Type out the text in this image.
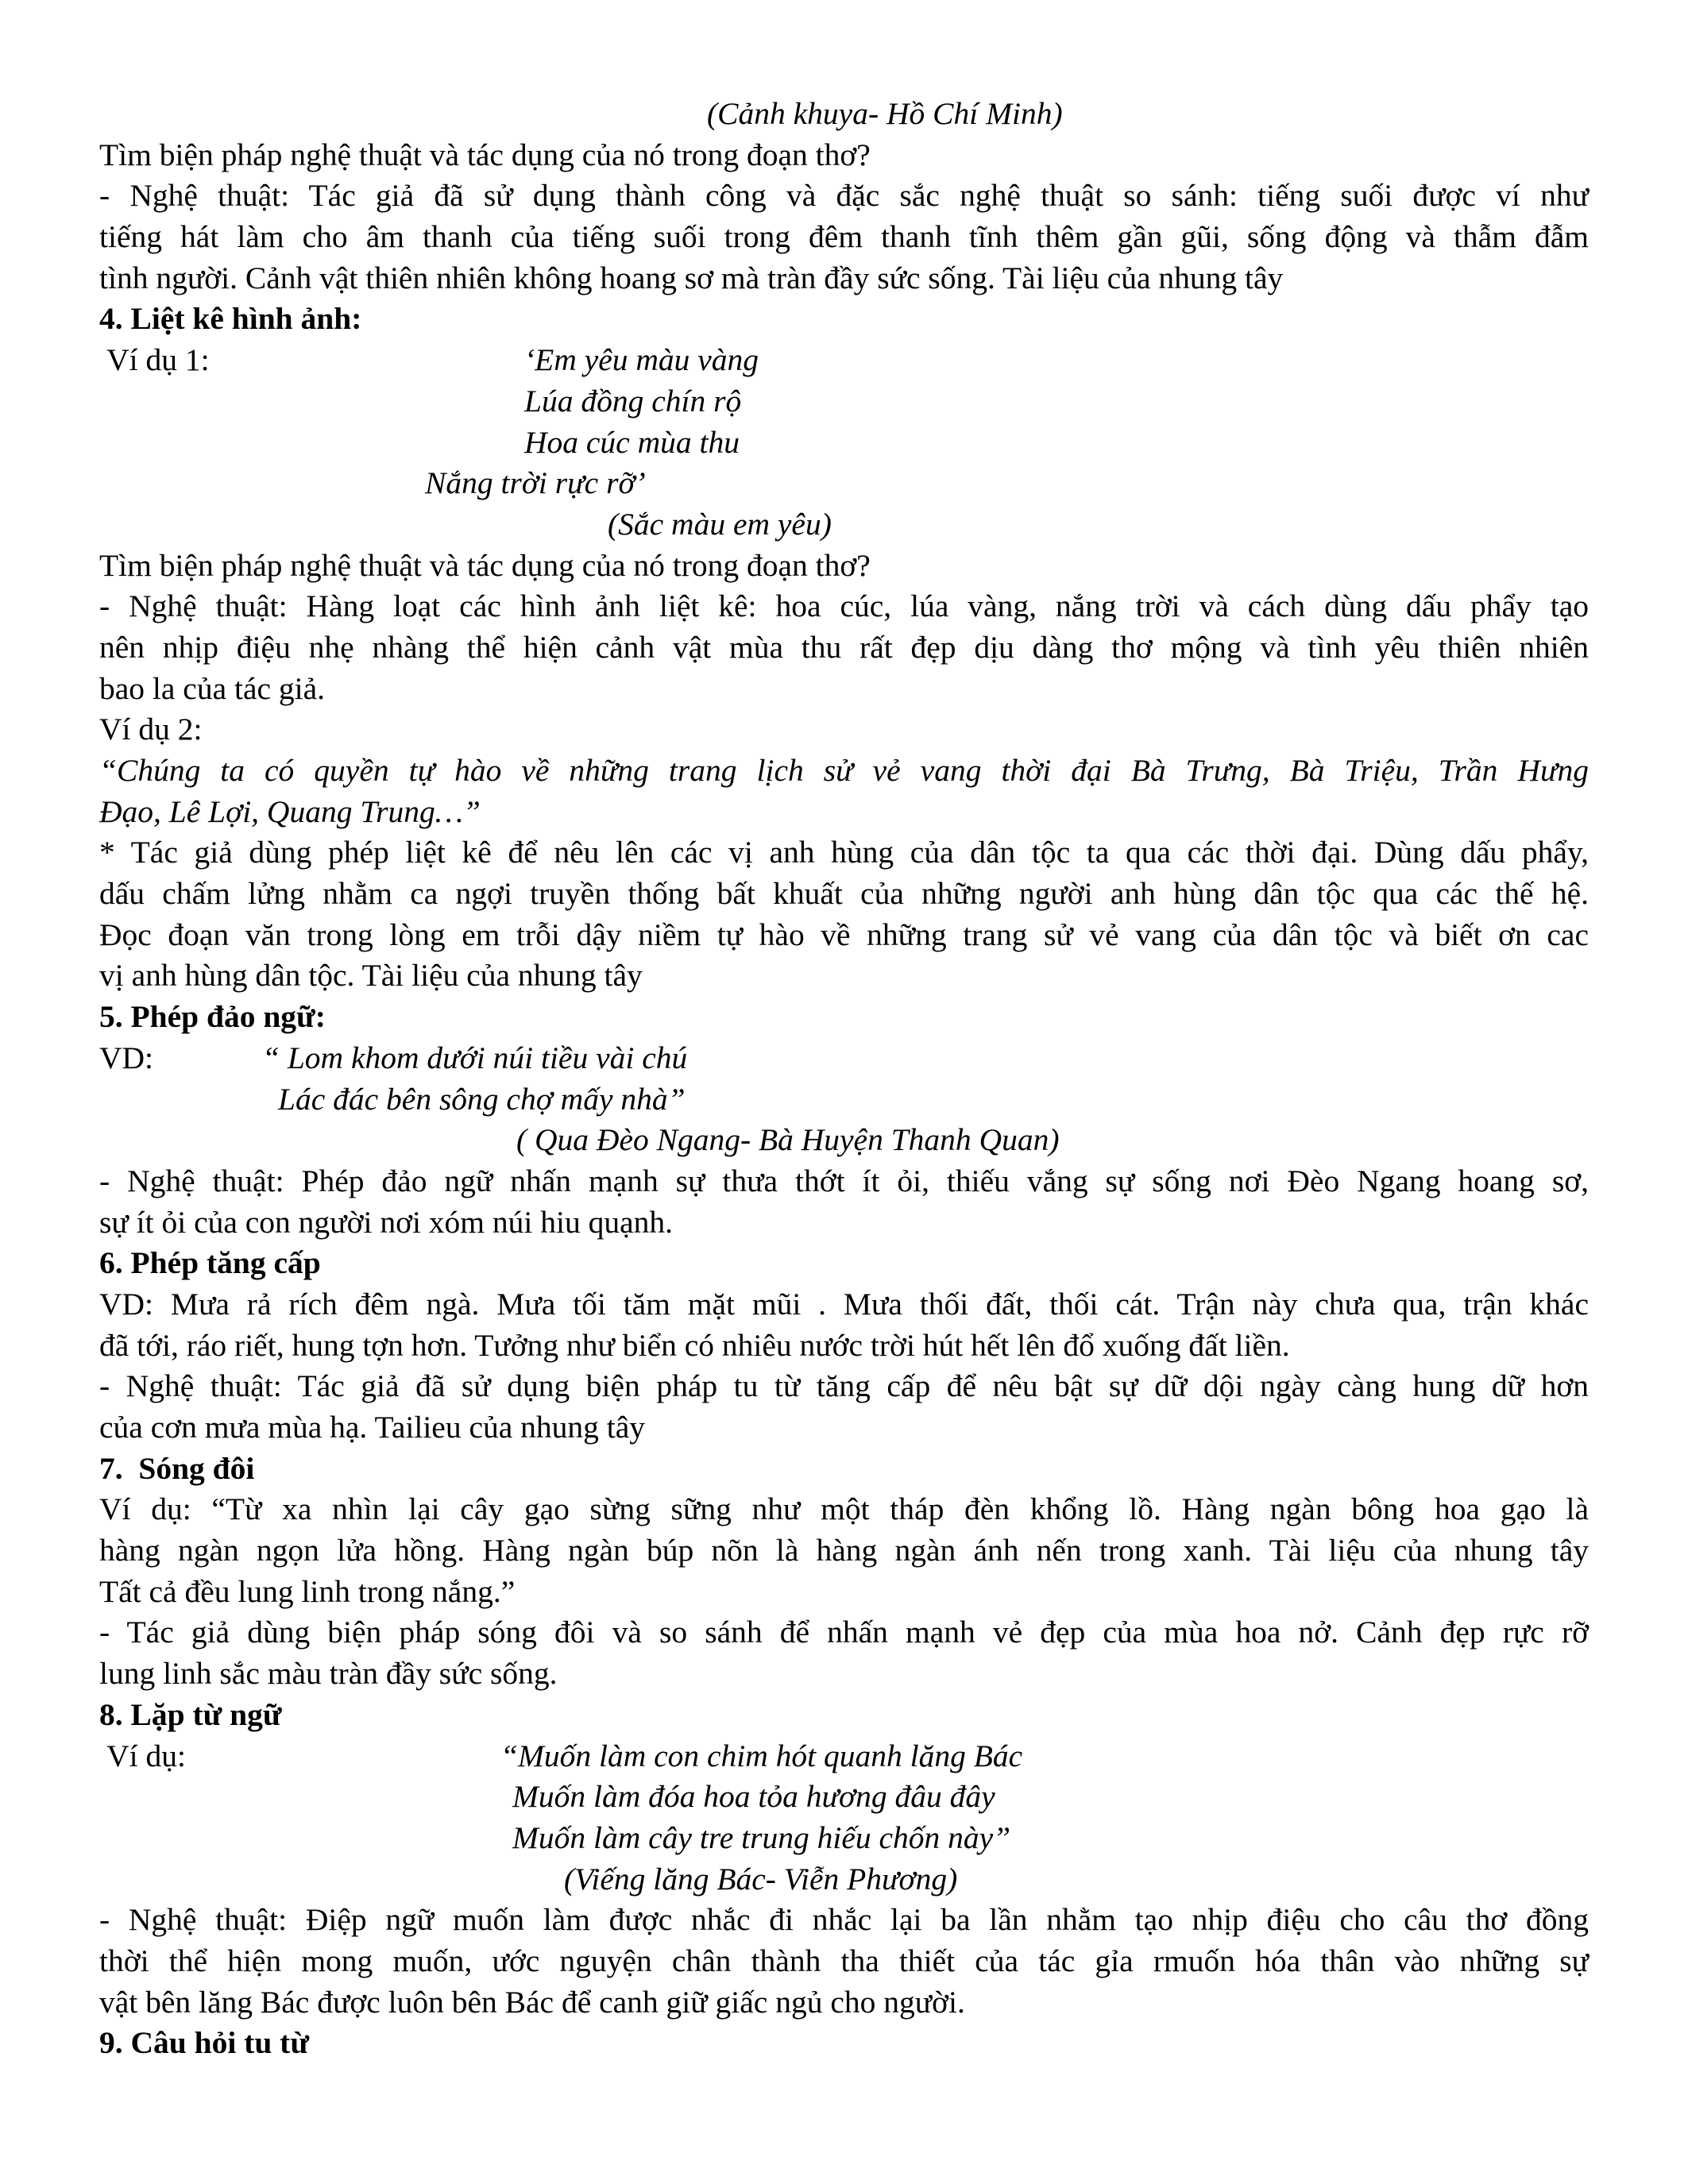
(Cảnh khuya- Hồ Chí Minh)
Tìm biện pháp nghệ thuật và tác dụng của nó trong đoạn thơ?
- Nghệ thuật: Tác giả đã sử dụng thành công và đặc sắc nghệ thuật so sánh: tiếng suối được ví như
tiếng hát làm cho âm thanh của tiếng suối trong đêm thanh tĩnh thêm gần gũi, sống động và thẫm đẫm
tình người. Cảnh vật thiên nhiên không hoang sơ mà tràn đầy sức sống. Tài liệu của nhung tây
4. Liệt kê hình ảnh:
Ví dụ 1:	‘Em yêu màu vàng
Lúa đồng chín rộ
Hoa cúc mùa thu
Nắng trời rực rỡ’
(Sắc màu em yêu)
Tìm biện pháp nghệ thuật và tác dụng của nó trong đoạn thơ?
- Nghệ thuật: Hàng loạt các hình ảnh liệt kê: hoa cúc, lúa vàng, nắng trời và cách dùng dấu phẩy tạo
nên nhịp điệu nhẹ nhàng thể hiện cảnh vật mùa thu rất đẹp dịu dàng thơ mộng và tình yêu thiên nhiên
bao la của tác giả.
Ví dụ 2:
“Chúng ta có quyền tự hào về những trang lịch sử vẻ vang thời đại Bà Trưng, Bà Triệu, Trần Hưng
Đạo, Lê Lợi, Quang Trung…”
* Tác giả dùng phép liệt kê để nêu lên các vị anh hùng của dân tộc ta qua các thời đại. Dùng dấu phẩy,
dấu chấm lửng nhằm ca ngợi truyền thống bất khuất của những người anh hùng dân tộc qua các thế hệ.
Đọc đoạn văn trong lòng em trỗi dậy niềm tự hào về những trang sử vẻ vang của dân tộc và biết ơn cac
vị anh hùng dân tộc. Tài liệu của nhung tây
5. Phép đảo ngữ:
VD:	“ Lom khom dưới núi tiều vài chú
Lác đác bên sông chợ mấy nhà”
( Qua Đèo Ngang- Bà Huyện Thanh Quan)
- Nghệ thuật: Phép đảo ngữ nhấn mạnh sự thưa thớt ít ỏi, thiếu vắng sự sống nơi Đèo Ngang hoang sơ,
sự ít ỏi của con người nơi xóm núi hiu quạnh.
6. Phép tăng cấp
VD: Mưa rả rích đêm ngà. Mưa tối tăm mặt mũi . Mưa thối đất, thối cát. Trận này chưa qua, trận khác
đã tới, ráo riết, hung tợn hơn. Tưởng như biển có nhiêu nước trời hút hết lên đổ xuống đất liền.
- Nghệ thuật: Tác giả đã sử dụng biện pháp tu từ tăng cấp để nêu bật sự dữ dội ngày càng hung dữ hơn
của cơn mưa mùa hạ. Tailieu của nhung tây
7.  Sóng đôi
Ví dụ: “Từ xa nhìn lại cây gạo sừng sững như một tháp đèn khổng lồ. Hàng ngàn bông hoa gạo là
hàng ngàn ngọn lửa hồng. Hàng ngàn búp nõn là hàng ngàn ánh nến trong xanh. Tài liệu của nhung tây
Tất cả đều lung linh trong nắng.”
- Tác giả dùng biện pháp sóng đôi và so sánh để nhấn mạnh vẻ đẹp của mùa hoa nở. Cảnh đẹp rực rỡ
lung linh sắc màu tràn đầy sức sống.
8. Lặp từ ngữ
Ví dụ:	“Muốn làm con chim hót quanh lăng Bác
Muốn làm đóa hoa tỏa hương đâu đây
Muốn làm cây tre trung hiếu chốn này”
(Viếng lăng Bác- Viễn Phương)
- Nghệ thuật: Điệp ngữ muốn làm được nhắc đi nhắc lại ba lần nhằm tạo nhịp điệu cho câu thơ đồng
thời thể hiện mong muốn, ước nguyện chân thành tha thiết của tác gỉa rmuốn hóa thân vào những sự
vật bên lăng Bác được luôn bên Bác để canh giữ giấc ngủ cho người.
9. Câu hỏi tu từ
